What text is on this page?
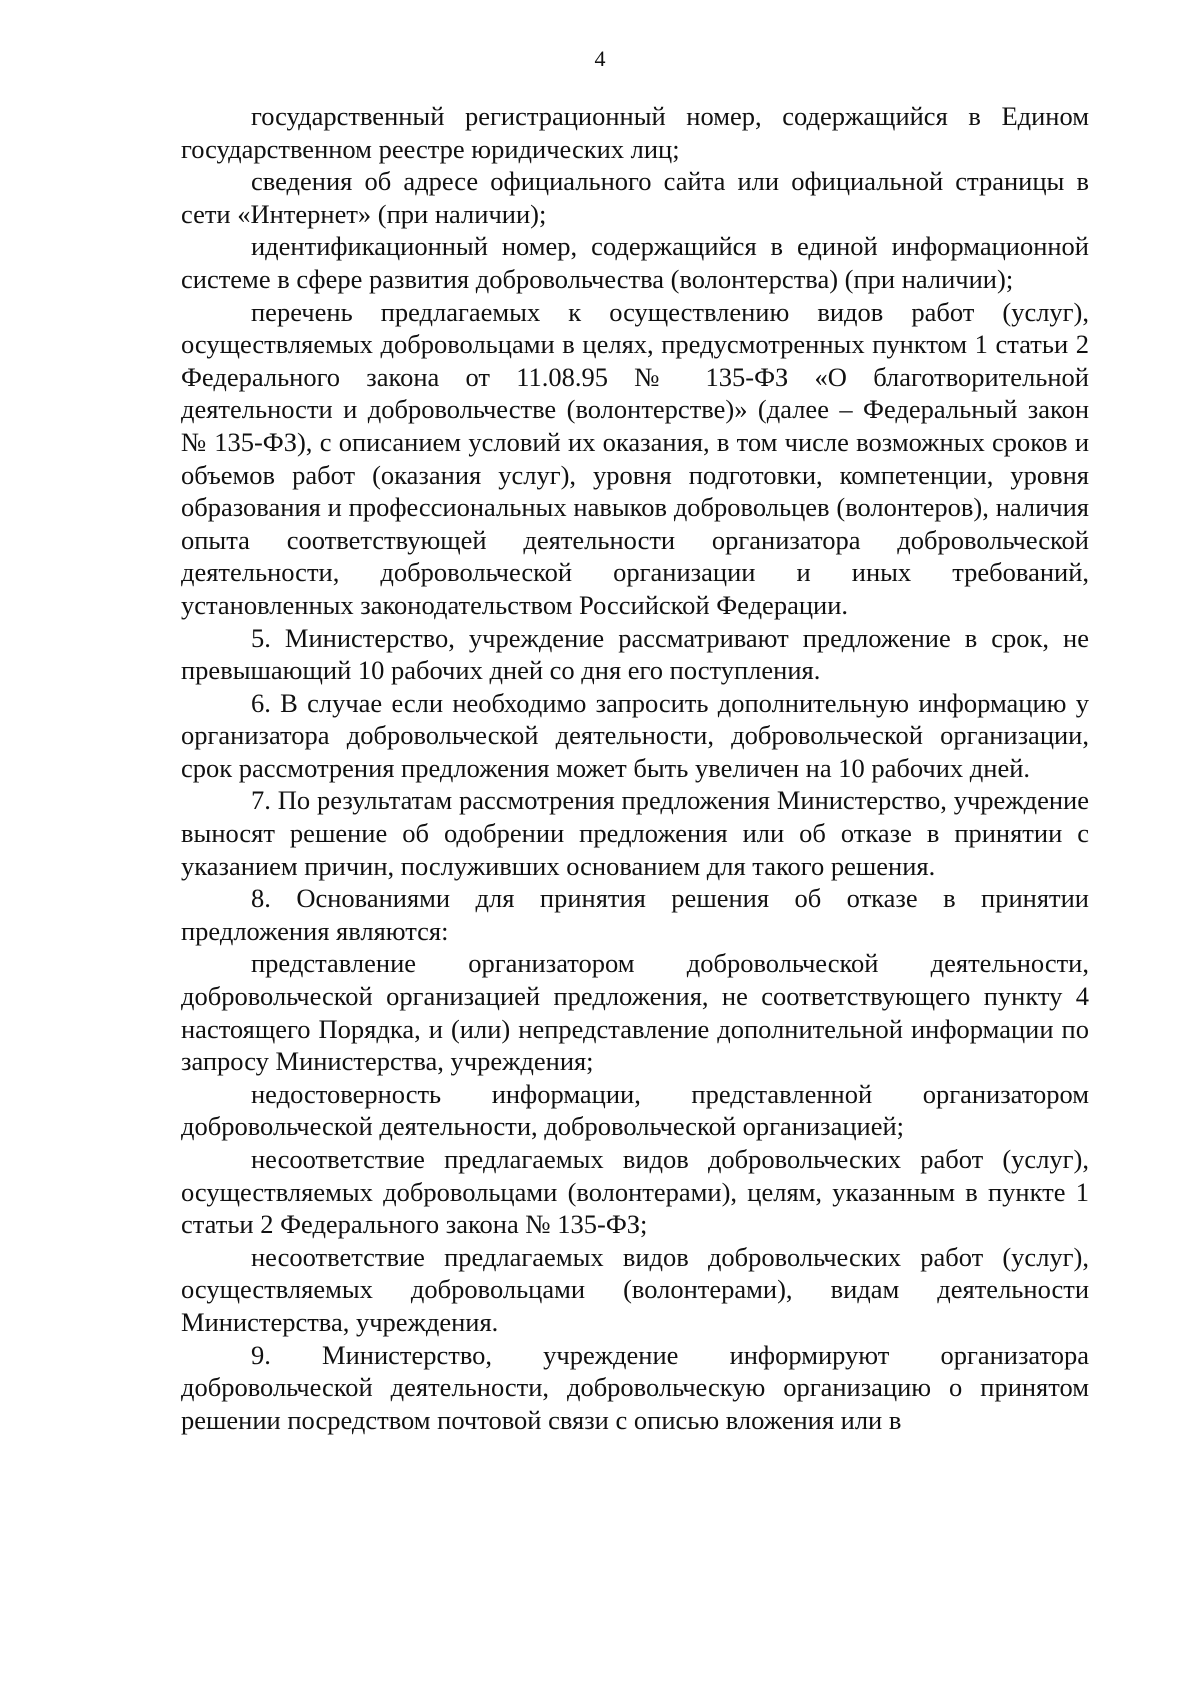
4

государственный регистрационный номер, содержащийся в Едином государственном реестре юридических лиц;

сведения об адресе официального сайта или официальной страницы в сети «Интернет» (при наличии);

идентификационный номер, содержащийся в единой информационной системе в сфере развития добровольчества (волонтерства) (при наличии);

перечень предлагаемых к осуществлению видов работ (услуг), осуществляемых добровольцами в целях, предусмотренных пунктом 1 статьи 2 Федерального закона от 11.08.95 № 135-ФЗ «О благотворительной деятельности и добровольчестве (волонтерстве)» (далее – Федеральный закон № 135-ФЗ), с описанием условий их оказания, в том числе возможных сроков и объемов работ (оказания услуг), уровня подготовки, компетенции, уровня образования и профессиональных навыков добровольцев (волонтеров), наличия опыта соответствующей деятельности организатора добровольческой деятельности, добровольческой организации и иных требований, установленных законодательством Российской Федерации.

5. Министерство, учреждение рассматривают предложение в срок, не превышающий 10 рабочих дней со дня его поступления.

6. В случае если необходимо запросить дополнительную информацию у организатора добровольческой деятельности, добровольческой организации, срок рассмотрения предложения может быть увеличен на 10 рабочих дней.

7. По результатам рассмотрения предложения Министерство, учреждение выносят решение об одобрении предложения или об отказе в принятии с указанием причин, послуживших основанием для такого решения.

8. Основаниями для принятия решения об отказе в принятии предложения являются:

представление организатором добровольческой деятельности, добровольческой организацией предложения, не соответствующего пункту 4 настоящего Порядка, и (или) непредставление дополнительной информации по запросу Министерства, учреждения;

недостоверность информации, представленной организатором добровольческой деятельности, добровольческой организацией;

несоответствие предлагаемых видов добровольческих работ (услуг), осуществляемых добровольцами (волонтерами), целям, указанным в пункте 1 статьи 2 Федерального закона № 135-ФЗ;

несоответствие предлагаемых видов добровольческих работ (услуг), осуществляемых добровольцами (волонтерами), видам деятельности Министерства, учреждения.

9. Министерство, учреждение информируют организатора добровольческой деятельности, добровольческую организацию о принятом решении посредством почтовой связи с описью вложения или в
